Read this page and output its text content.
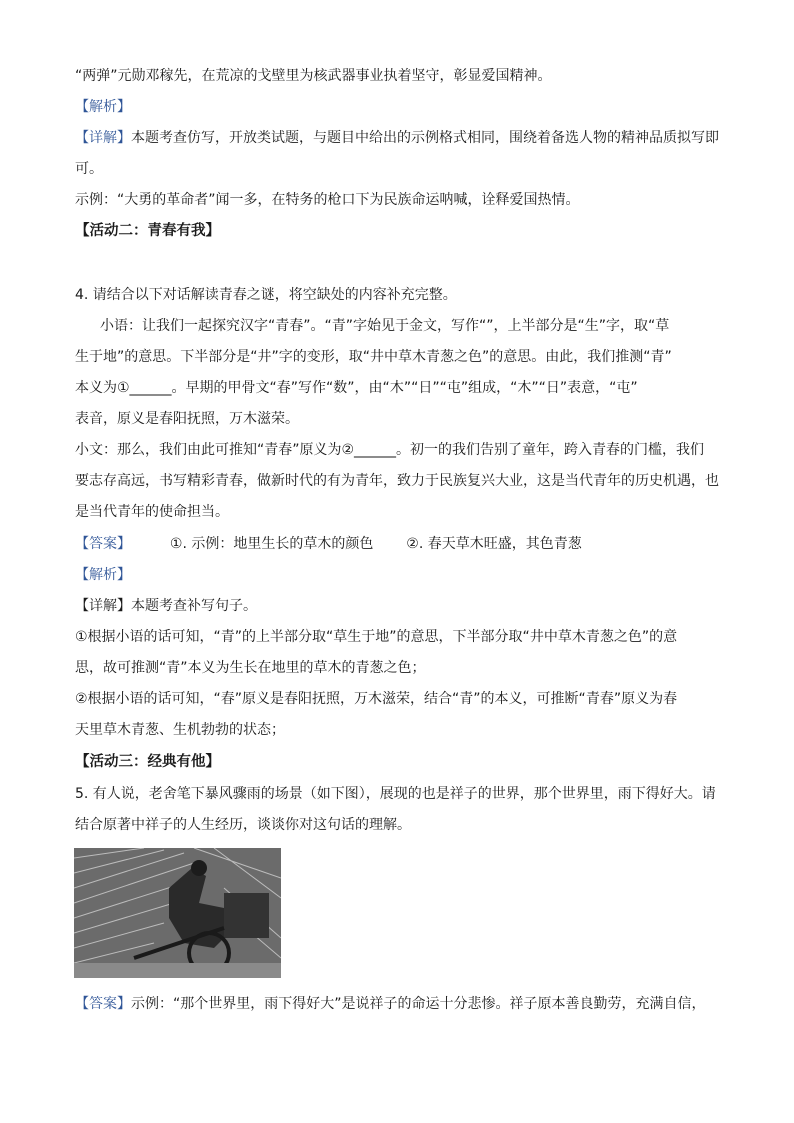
“两弹”元勋邓稼先，在荒凉的戈壁里为核武器事业执着坚守，彰显爱国精神。
【解析】
【详解】本题考查仿写，开放类试题，与题目中给出的示例格式相同，围绕着备选人物的精神品质拟写即
可。
示例：“大勇的革命者”闻一多，在特务的枪口下为民族命运呐喊，诠释爱国热情。
【活动二：青春有我】
4. 请结合以下对话解读青春之谜，将空缺处的内容补充完整。
小语：让我们一起探究汉字“青春”。“青”字始见于金文，写作“”，上半部分是“生”字，取“草
生于地”的意思。下半部分是“井”字的变形，取“井中草木青葱之色”的意思。由此，我们推测“青”
本义为①______。早期的甲骨文“春”写作“数”，由“木”“日”“屯”组成，“木”“日”表意，“屯”
表音，原义是春阳抚照，万木滋荣。
小文：那么，我们由此可推知“青春”原义为②______。初一的我们告别了童年，跨入青春的门槛，我们
要志存高远，书写精彩青春，做新时代的有为青年，致力于民族复兴大业，这是当代青年的历史机遇，也
是当代青年的使命担当。
【答案】	①. 示例：地里生长的草木的颜色 ②. 春天草木旺盛，其色青葱
【解析】
【详解】本题考查补写句子。
①根据小语的话可知，“青”的上半部分取“草生于地”的意思，下半部分取“井中草木青葱之色”的意
思，故可推测“青”本义为生长在地里的草木的青葱之色；
②根据小语的话可知，“春”原义是春阳抚照，万木滋荣，结合“青”的本义，可推断“青春”原义为春
天里草木青葱、生机勃勃的状态；
【活动三：经典有他】
5. 有人说，老舍笔下暴风骤雨的场景（如下图），展现的也是祥子的世界，那个世界里，雨下得好大。请
结合原著中祥子的人生经历，谈谈你对这句话的理解。
【答案】示例：“那个世界里，雨下得好大”是说祥子的命运十分悲惨。祥子原本善良勤劳，充满自信，
